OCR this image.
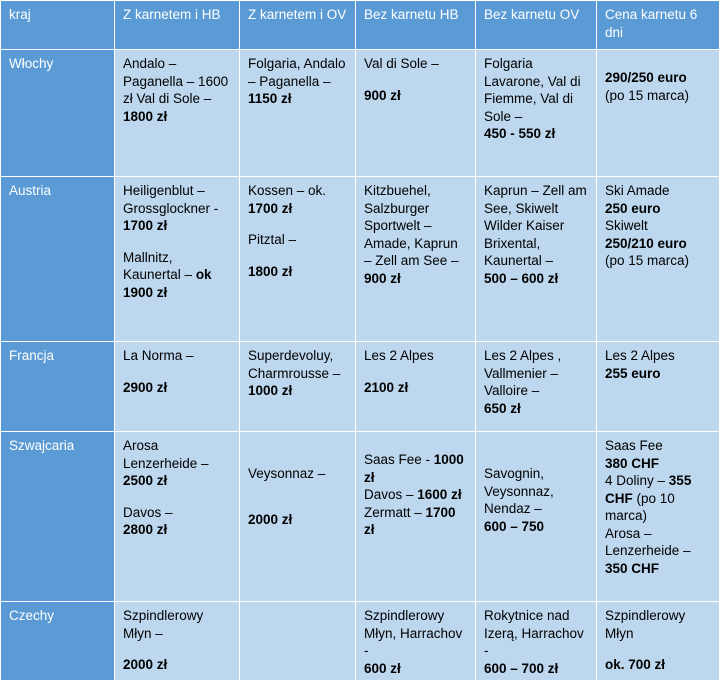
kraj	Z karnetem i HB	Z karnetem i OV	Bez karnetu HB	Bez karnetu OV	Cena karnetu 6 dni
Włochy	Andalo – Paganella – 1600 zł Val di Sole –
1800 zł	Folgaria, Andalo – Paganella –
1150 zł	Val di Sole –
900 zł	Folgaria Lavarone, Val di Fiemme, Val di Sole –
450 - 550 zł	290/250 euro
(po 15 marca)

Austria	Heiligenblut – Grossglockner - 1700 zł
Mallnitz, Kaunertal – ok 1900 zł	Kossen – ok.
1700 zł
Pitztal –
1800 zł	Kitzbuehel, Salzburger Sportwelt – Amade, Kaprun – Zell am See –
900 zł	Kaprun – Zell am See, Skiwelt Wilder Kaiser Brixental, Kaunertal –
500 – 600 zł	Ski Amade
250 euro
Skiwelt
250/210 euro
(po 15 marca)

Francja	La Norma –
2900 zł	Superdevoluy, Charmrousse –
1000 zł	Les 2 Alpes
2100 zł	Les 2 Alpes , Vallmenier – Valloire –
650 zł	Les 2 Alpes
255 euro

Szwajcaria	Arosa Lenzerheide –
2500 zł
Davos –
2800 zł	Veysonnaz –
2000 zł	Saas Fee - 1000 zł
Davos – 1600 zł
Zermatt – 1700 zł	Savognin, Veysonnaz, Nendaz –
600 – 750	Saas Fee
380 CHF
4 Doliny – 355 CHF (po 10 marca)
Arosa – Lenzerheide – 350 CHF

Czechy	Szpindlerowy Młyn –
2000 zł		Szpindlerowy Młyn, Harrachov -
600 zł	Rokytnice nad Izerą, Harrachov -
600 – 700 zł	Szpindlerowy Młyn
ok. 700 zł
